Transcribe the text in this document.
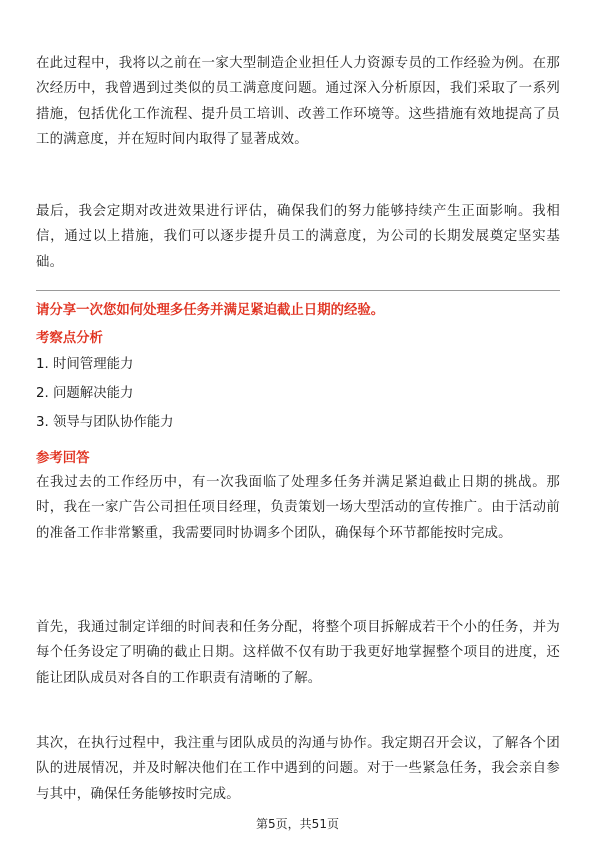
在此过程中，我将以之前在一家大型制造企业担任人力资源专员的工作经验为例。在那次经历中，我曾遇到过类似的员工满意度问题。通过深入分析原因，我们采取了一系列措施，包括优化工作流程、提升员工培训、改善工作环境等。这些措施有效地提高了员工的满意度，并在短时间内取得了显著成效。

最后，我会定期对改进效果进行评估，确保我们的努力能够持续产生正面影响。我相信，通过以上措施，我们可以逐步提升员工的满意度，为公司的长期发展奠定坚实基础。

请分享一次您如何处理多任务并满足紧迫截止日期的经验。

考察点分析

1. 时间管理能力

2. 问题解决能力

3. 领导与团队协作能力

参考回答

在我过去的工作经历中，有一次我面临了处理多任务并满足紧迫截止日期的挑战。那时，我在一家广告公司担任项目经理，负责策划一场大型活动的宣传推广。由于活动前的准备工作非常繁重，我需要同时协调多个团队，确保每个环节都能按时完成。

首先，我通过制定详细的时间表和任务分配，将整个项目拆解成若干个小的任务，并为每个任务设定了明确的截止日期。这样做不仅有助于我更好地掌握整个项目的进度，还能让团队成员对各自的工作职责有清晰的了解。

其次，在执行过程中，我注重与团队成员的沟通与协作。我定期召开会议，了解各个团队的进展情况，并及时解决他们在工作中遇到的问题。对于一些紧急任务，我会亲自参与其中，确保任务能够按时完成。

第5页，共51页
